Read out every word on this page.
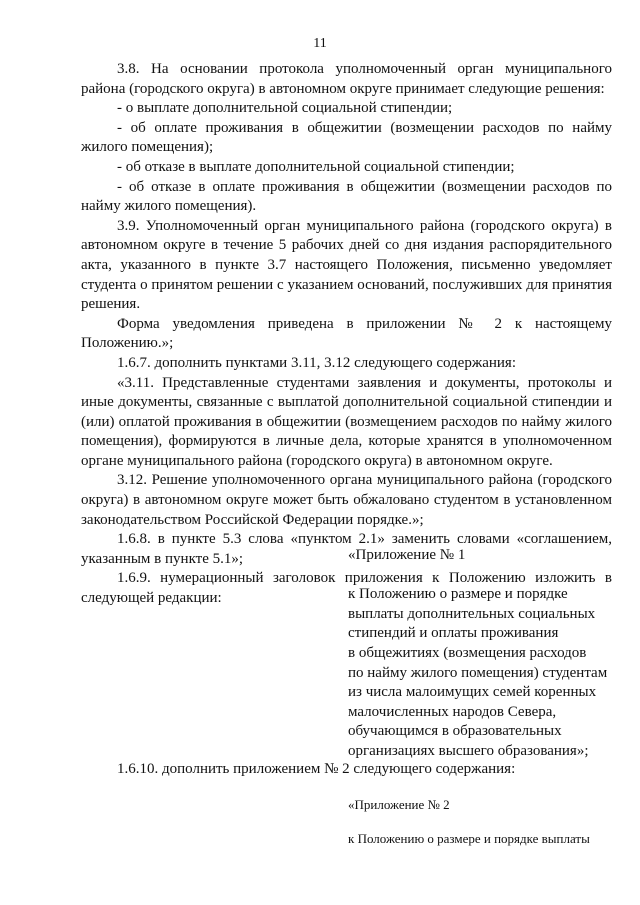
11

3.8. На основании протокола уполномоченный орган муниципального района (городского округа) в автономном округе принимает следующие решения:

- о выплате дополнительной социальной стипендии;

- об оплате проживания в общежитии (возмещении расходов по найму жилого помещения);

- об отказе в выплате дополнительной социальной стипендии;

- об отказе в оплате проживания в общежитии (возмещении расходов по найму жилого помещения).

3.9. Уполномоченный орган муниципального района (городского округа) в автономном округе в течение 5 рабочих дней со дня издания распорядительного акта, указанного в пункте 3.7 настоящего Положения, письменно уведомляет студента о принятом решении с указанием оснований, послуживших для принятия решения.

Форма уведомления приведена в приложении № 2 к настоящему Положению.»;

1.6.7. дополнить пунктами 3.11, 3.12 следующего содержания:

«3.11. Представленные студентами заявления и документы, протоколы и иные документы, связанные с выплатой дополнительной социальной стипендии и (или) оплатой проживания в общежитии (возмещением расходов по найму жилого помещения), формируются в личные дела, которые хранятся в уполномоченном органе муниципального района (городского округа) в автономном округе.

3.12. Решение уполномоченного органа муниципального района (городского округа) в автономном округе может быть обжаловано студентом в установленном законодательством Российской Федерации порядке.»;

1.6.8. в пункте 5.3 слова «пунктом 2.1» заменить словами «соглашением, указанным в пункте 5.1»;

1.6.9. нумерационный заголовок приложения к Положению изложить в следующей редакции:

«Приложение № 1

к Положению о размере и порядке

выплаты дополнительных социальных

стипендий и оплаты проживания

в общежитиях (возмещения расходов

по найму жилого помещения) студентам

из числа малоимущих семей коренных

малочисленных народов Севера,

обучающимся в образовательных

организациях высшего образования»;

1.6.10. дополнить приложением № 2 следующего содержания:

«Приложение № 2

к Положению о размере и порядке выплаты
